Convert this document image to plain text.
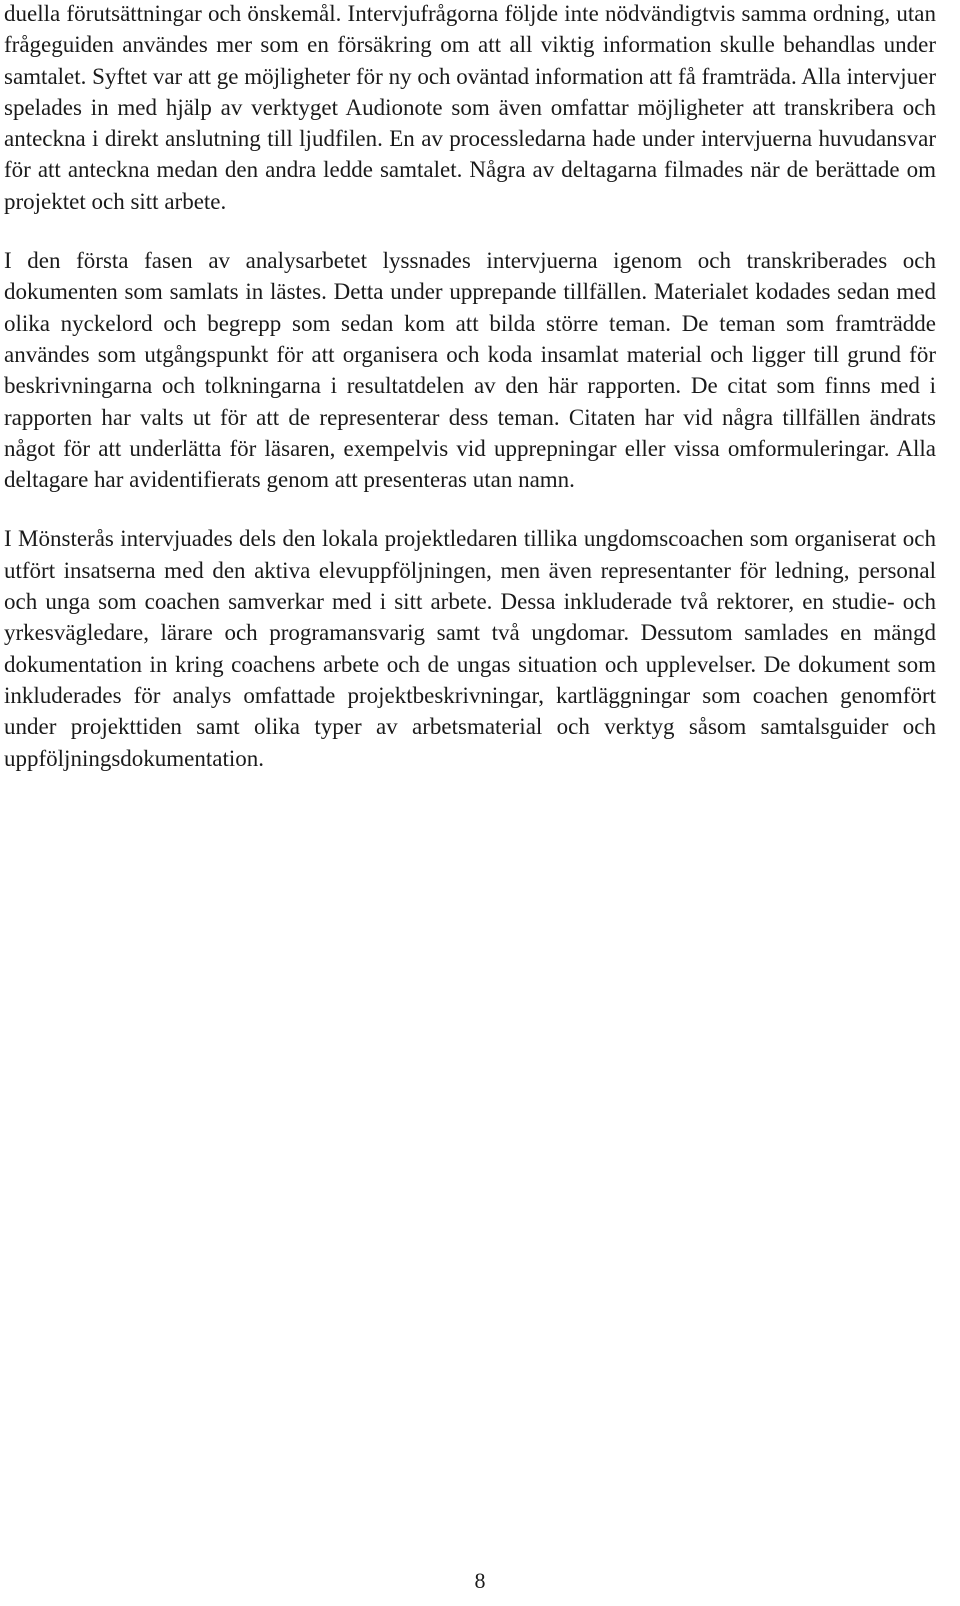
duella förutsättningar och önskemål. Intervjufrågorna följde inte nödvändigtvis samma ordning, utan frågeguiden användes mer som en försäkring om att all viktig information skulle behandlas under samtalet. Syftet var att ge möjligheter för ny och oväntad information att få framträda. Alla intervjuer spelades in med hjälp av verktyget Audionote som även omfattar möjligheter att transkribera och anteckna i direkt anslutning till ljudfilen. En av processledarna hade under intervjuerna huvudansvar för att anteckna medan den andra ledde samtalet. Några av deltagarna filmades när de berättade om projektet och sitt arbete.

I den första fasen av analysarbetet lyssnades intervjuerna igenom och transkriberades och dokumenten som samlats in lästes. Detta under upprepande tillfällen. Materialet kodades sedan med olika nyckelord och begrepp som sedan kom att bilda större teman. De teman som framträdde användes som utgångspunkt för att organisera och koda insamlat material och ligger till grund för beskrivningarna och tolkningarna i resultatdelen av den här rapporten. De citat som finns med i rapporten har valts ut för att de representerar dess teman. Citaten har vid några tillfällen ändrats något för att underlätta för läsaren, exempelvis vid upprepningar eller vissa omformuleringar. Alla deltagare har avidentifierats genom att presenteras utan namn.

I Mönsterås intervjuades dels den lokala projektledaren tillika ungdomscoachen som organiserat och utfört insatserna med den aktiva elevuppföljningen, men även representanter för ledning, personal och unga som coachen samverkar med i sitt arbete. Dessa inkluderade två rektorer, en studie- och yrkesvägledare, lärare och programansvarig samt två ungdomar. Dessutom samlades en mängd dokumentation in kring coachens arbete och de ungas situation och upplevelser. De dokument som inkluderades för analys omfattade projektbeskrivningar, kartläggningar som coachen genomfört under projekttiden samt olika typer av arbetsmaterial och verktyg såsom samtalsguider och uppföljningsdokumentation.

8
